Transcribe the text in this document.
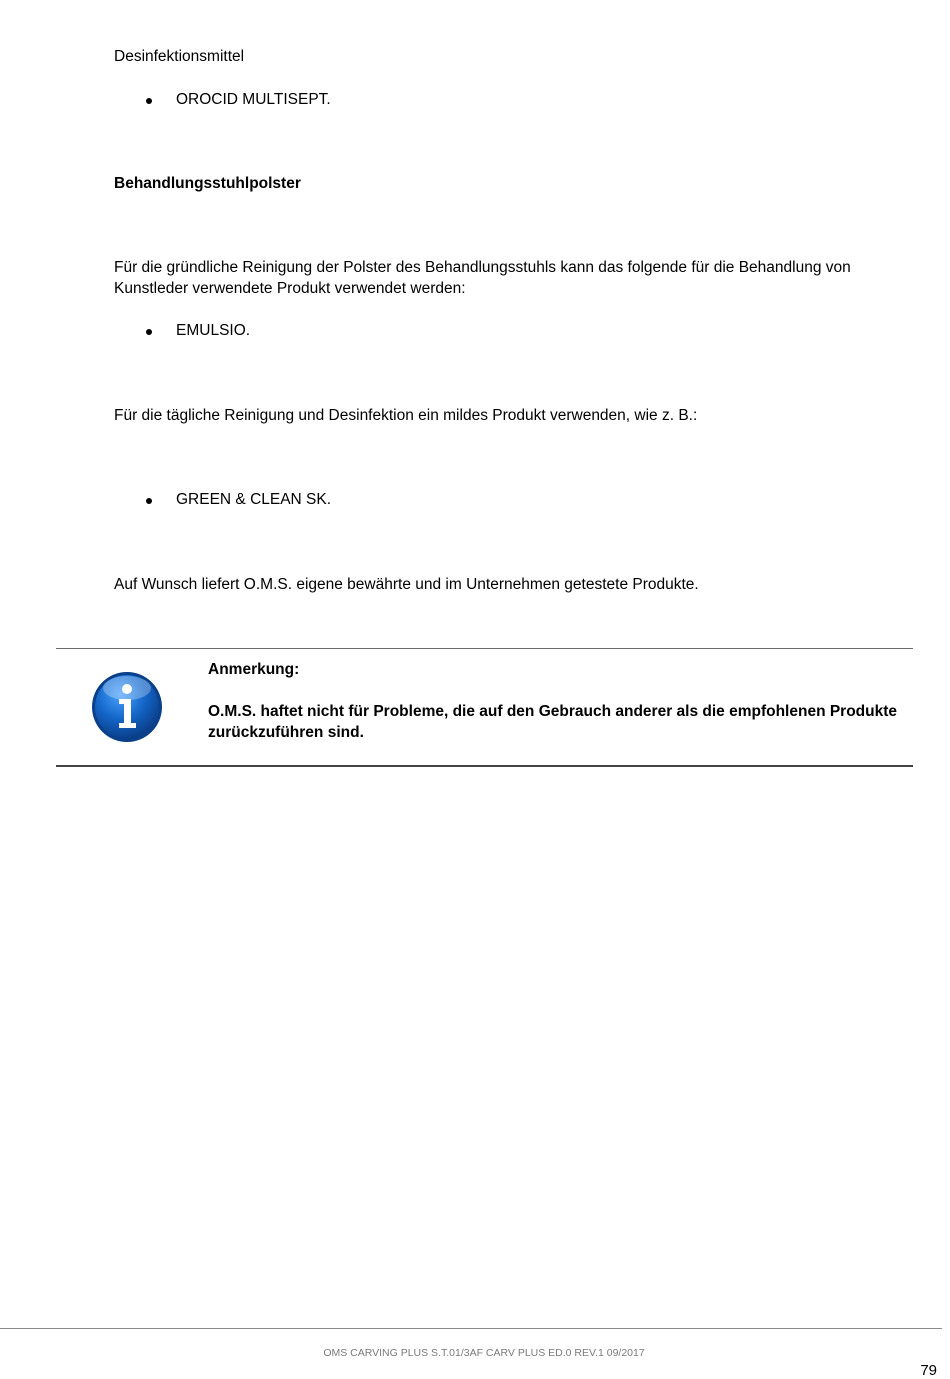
Desinfektionsmittel
OROCID MULTISEPT.
Behandlungsstuhlpolster
Für die gründliche Reinigung der Polster des Behandlungsstuhls kann das folgende für die Behandlung von
Kunstleder verwendete Produkt verwendet werden:
EMULSIO.
Für die tägliche Reinigung und Desinfektion ein mildes Produkt verwenden, wie z. B.:
GREEN & CLEAN SK.
Auf Wunsch liefert O.M.S. eigene bewährte und im Unternehmen getestete Produkte.
Anmerkung:
O.M.S. haftet nicht für Probleme, die auf den Gebrauch anderer als die empfohlenen Produkte
zurückzuführen sind.
OMS CARVING PLUS S.T.01/3AF CARV PLUS ED.0 REV.1 09/2017
79
